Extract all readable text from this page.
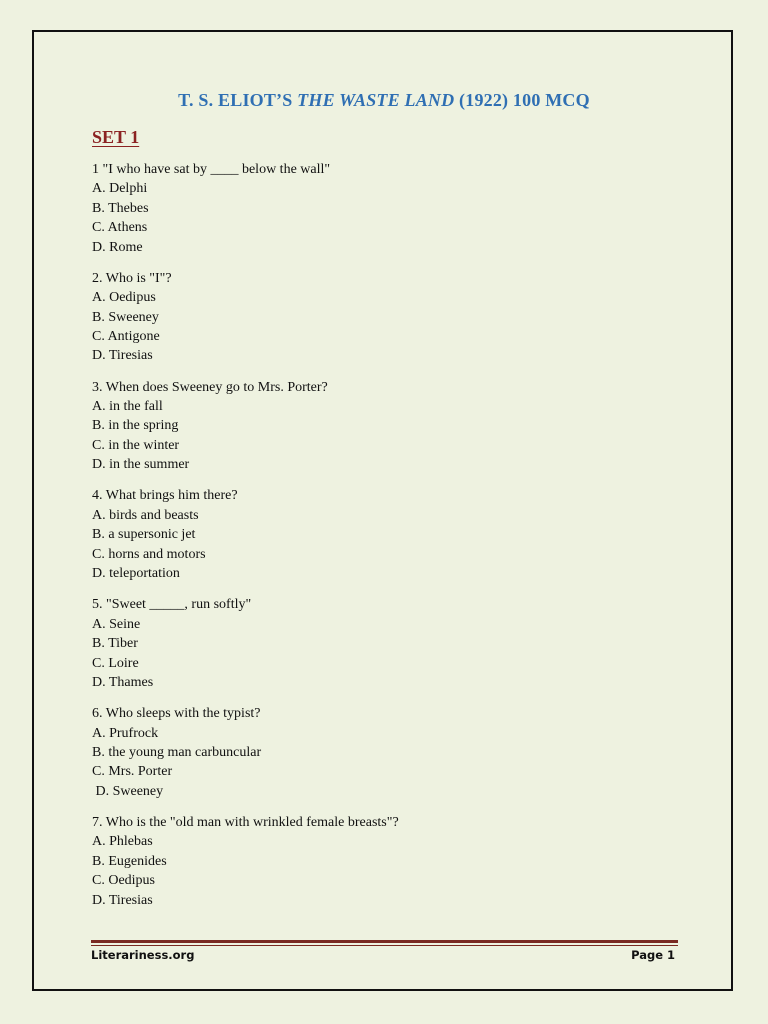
T. S. ELIOT’S THE WASTE LAND (1922) 100 MCQ
SET 1
1 "I who have sat by ____ below the wall"
A. Delphi
B. Thebes
C. Athens
D. Rome
2. Who is "I"?
A. Oedipus
B. Sweeney
C. Antigone
D. Tiresias
3. When does Sweeney go to Mrs. Porter?
A. in the fall
B. in the spring
C. in the winter
D. in the summer
4. What brings him there?
A. birds and beasts
B. a supersonic jet
C. horns and motors
D. teleportation
5. "Sweet _____, run softly"
A. Seine
B. Tiber
C. Loire
D. Thames
6. Who sleeps with the typist?
A. Prufrock
B. the young man carbuncular
C. Mrs. Porter
D. Sweeney
7. Who is the "old man with wrinkled female breasts"?
A. Phlebas
B. Eugenides
C. Oedipus
D. Tiresias
Literariness.org	Page 1
